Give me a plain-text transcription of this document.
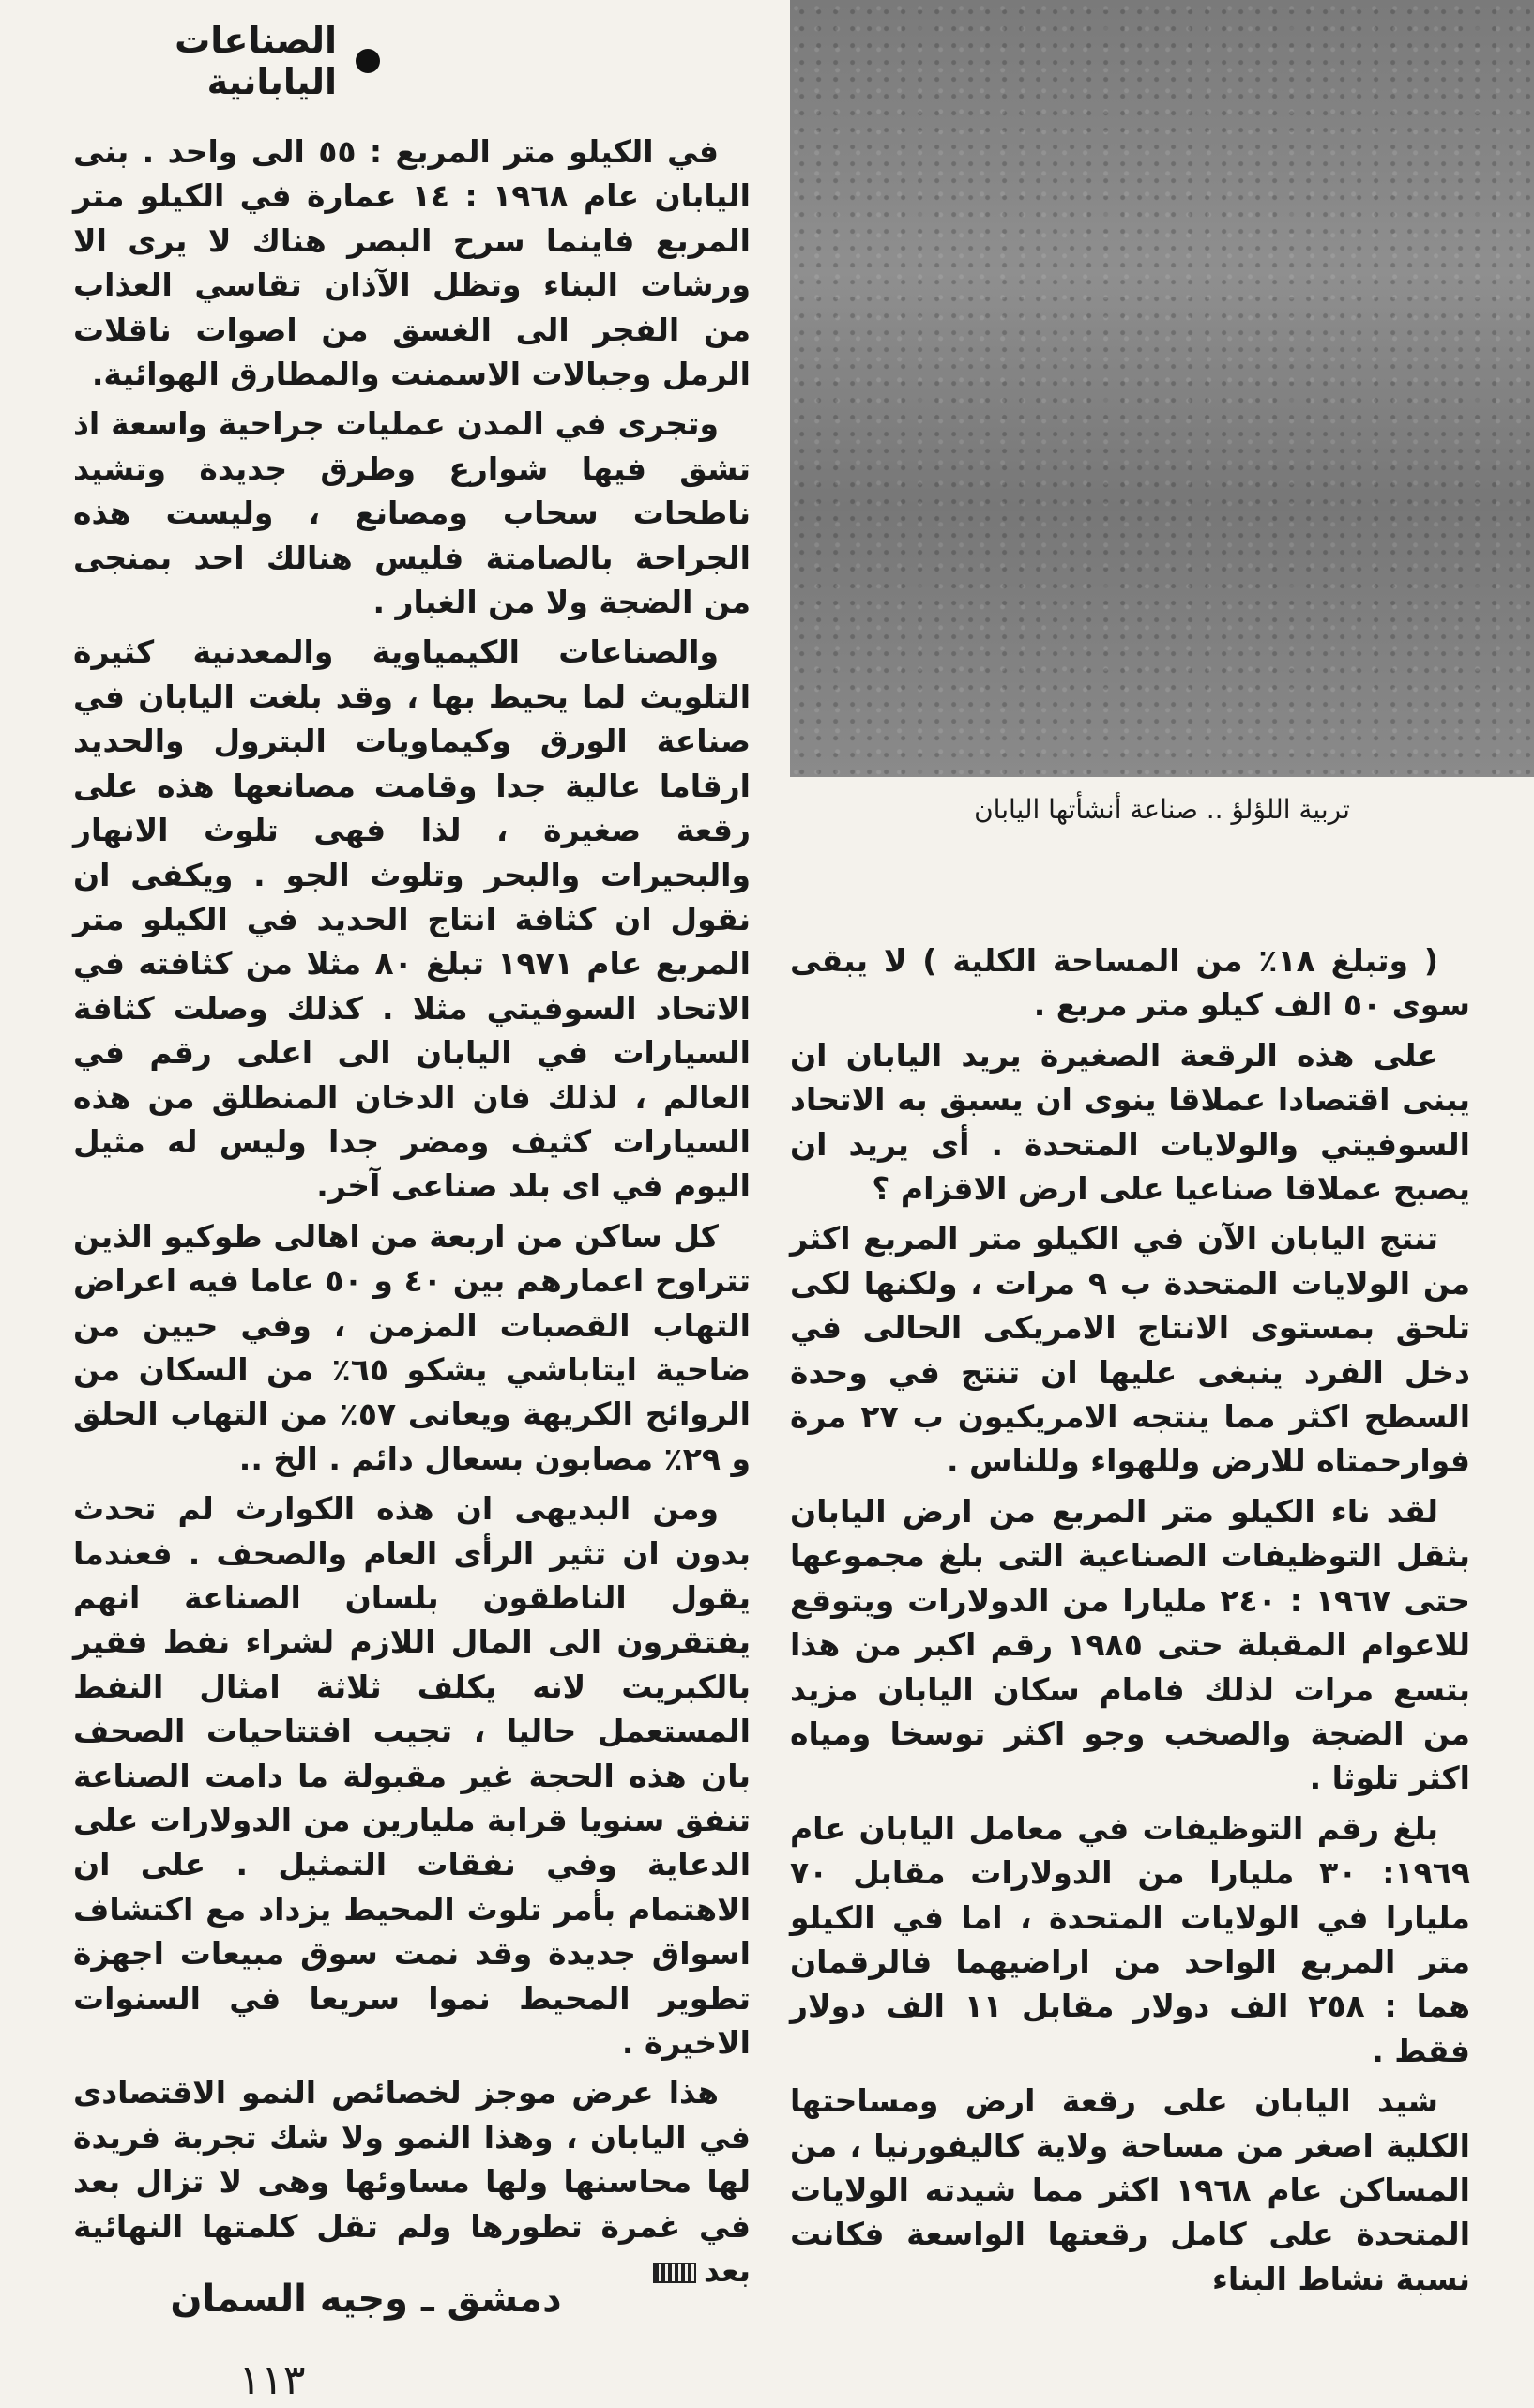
الصناعات اليابانية
تربية اللؤلؤ .. صناعة أنشأتها اليابان

في الكيلو متر المربع : ٥٥ الى واحد . بنى اليابان عام ١٩٦٨ : ١٤ عمارة في الكيلو متر المربع فاينما سرح البصر هناك لا يرى الا ورشات البناء وتظل الآذان تقاسي العذاب من الفجر الى الغسق من اصوات ناقلات الرمل وجبالات الاسمنت والمطارق الهوائية.

وتجرى في المدن عمليات جراحية واسعة اذ تشق فيها شوارع وطرق جديدة وتشيد ناطحات سحاب ومصانع ، وليست هذه الجراحة بالصامتة فليس هنالك احد بمنجى من الضجة ولا من الغبار .

والصناعات الكيمياوية والمعدنية كثيرة التلويث لما يحيط بها ، وقد بلغت اليابان في صناعة الورق وكيماويات البترول والحديد ارقاما عالية جدا وقامت مصانعها هذه على رقعة صغيرة ، لذا فهى تلوث الانهار والبحيرات والبحر وتلوث الجو . ويكفى ان نقول ان كثافة انتاج الحديد في الكيلو متر المربع عام ١٩٧١ تبلغ ٨٠ مثلا من كثافته في الاتحاد السوفيتي مثلا . كذلك وصلت كثافة السيارات في اليابان الى اعلى رقم في العالم ، لذلك فان الدخان المنطلق من هذه السيارات كثيف ومضر جدا وليس له مثيل اليوم في اى بلد صناعى آخر.

كل ساكن من اربعة من اهالى طوكيو الذين تتراوح اعمارهم بين ٤٠ و ٥٠ عاما فيه اعراض التهاب القصبات المزمن ، وفي حيين من ضاحية ايتاباشي يشكو ٦٥٪ من السكان من الروائح الكريهة ويعانى ٥٧٪ من التهاب الحلق و ٢٩٪ مصابون بسعال دائم . الخ ..

ومن البديهى ان هذه الكوارث لم تحدث بدون ان تثير الرأى العام والصحف . فعندما يقول الناطقون بلسان الصناعة انهم يفتقرون الى المال اللازم لشراء نفط فقير بالكبريت لانه يكلف ثلاثة امثال النفط المستعمل حاليا ، تجيب افتتاحيات الصحف بان هذه الحجة غير مقبولة ما دامت الصناعة تنفق سنويا قرابة مليارين من الدولارات على الدعاية وفي نفقات التمثيل . على ان الاهتمام بأمر تلوث المحيط يزداد مع اكتشاف اسواق جديدة وقد نمت سوق مبيعات اجهزة تطوير المحيط نموا سريعا في السنوات الاخيرة .

هذا عرض موجز لخصائص النمو الاقتصادى في اليابان ، وهذا النمو ولا شك تجربة فريدة لها محاسنها ولها مساوئها وهى لا تزال بعد في غمرة تطورها ولم تقل كلمتها النهائية بعد

( وتبلغ ١٨٪ من المساحة الكلية ) لا يبقى سوى ٥٠ الف كيلو متر مربع .

على هذه الرقعة الصغيرة يريد اليابان ان يبنى اقتصادا عملاقا ينوى ان يسبق به الاتحاد السوفيتي والولايات المتحدة . أى يريد ان يصبح عملاقا صناعيا على ارض الاقزام ؟

تنتج اليابان الآن في الكيلو متر المربع اكثر من الولايات المتحدة ب ٩ مرات ، ولكنها لكى تلحق بمستوى الانتاج الامريكى الحالى في دخل الفرد ينبغى عليها ان تنتج في وحدة السطح اكثر مما ينتجه الامريكيون ب ٢٧ مرة فوارحمتاه للارض وللهواء وللناس .

لقد ناء الكيلو متر المربع من ارض اليابان بثقل التوظيفات الصناعية التى بلغ مجموعها حتى ١٩٦٧ : ٢٤٠ مليارا من الدولارات ويتوقع للاعوام المقبلة حتى ١٩٨٥ رقم اكبر من هذا بتسع مرات لذلك فامام سكان اليابان مزيد من الضجة والصخب وجو اكثر توسخا ومياه اكثر تلوثا .

بلغ رقم التوظيفات في معامل اليابان عام ١٩٦٩: ٣٠ مليارا من الدولارات مقابل ٧٠ مليارا في الولايات المتحدة ، اما في الكيلو متر المربع الواحد من اراضيهما فالرقمان هما : ٢٥٨ الف دولار مقابل ١١ الف دولار فقط .

شيد اليابان على رقعة ارض ومساحتها الكلية اصغر من مساحة ولاية كاليفورنيا ، من المساكن عام ١٩٦٨ اكثر مما شيدته الولايات المتحدة على كامل رقعتها الواسعة فكانت نسبة نشاط البناء

دمشق ـ وجيه السمان
١١٣
